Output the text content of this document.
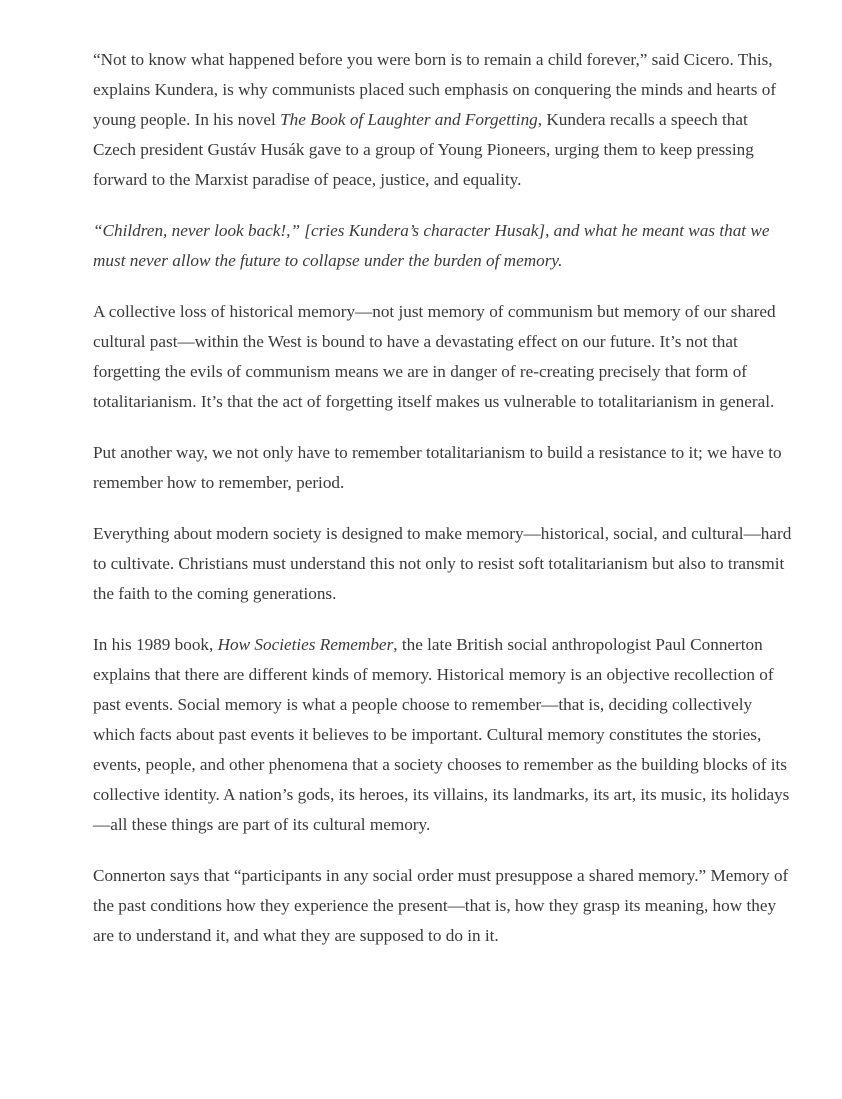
“Not to know what happened before you were born is to remain a child forever,” said Cicero. This, explains Kundera, is why communists placed such emphasis on conquering the minds and hearts of young people. In his novel The Book of Laughter and Forgetting, Kundera recalls a speech that Czech president Gustáv Husák gave to a group of Young Pioneers, urging them to keep pressing forward to the Marxist paradise of peace, justice, and equality.

“Children, never look back!,” [cries Kundera’s character Husak], and what he meant was that we must never allow the future to collapse under the burden of memory.

A collective loss of historical memory—not just memory of communism but memory of our shared cultural past—within the West is bound to have a devastating effect on our future. It’s not that forgetting the evils of communism means we are in danger of re-creating precisely that form of totalitarianism. It’s that the act of forgetting itself makes us vulnerable to totalitarianism in general.

Put another way, we not only have to remember totalitarianism to build a resistance to it; we have to remember how to remember, period.

Everything about modern society is designed to make memory—historical, social, and cultural—hard to cultivate. Christians must understand this not only to resist soft totalitarianism but also to transmit the faith to the coming generations.

In his 1989 book, How Societies Remember, the late British social anthropologist Paul Connerton explains that there are different kinds of memory. Historical memory is an objective recollection of past events. Social memory is what a people choose to remember—that is, deciding collectively which facts about past events it believes to be important. Cultural memory constitutes the stories, events, people, and other phenomena that a society chooses to remember as the building blocks of its collective identity. A nation’s gods, its heroes, its villains, its landmarks, its art, its music, its holidays—all these things are part of its cultural memory.

Connerton says that “participants in any social order must presuppose a shared memory.” Memory of the past conditions how they experience the present—that is, how they grasp its meaning, how they are to understand it, and what they are supposed to do in it.
